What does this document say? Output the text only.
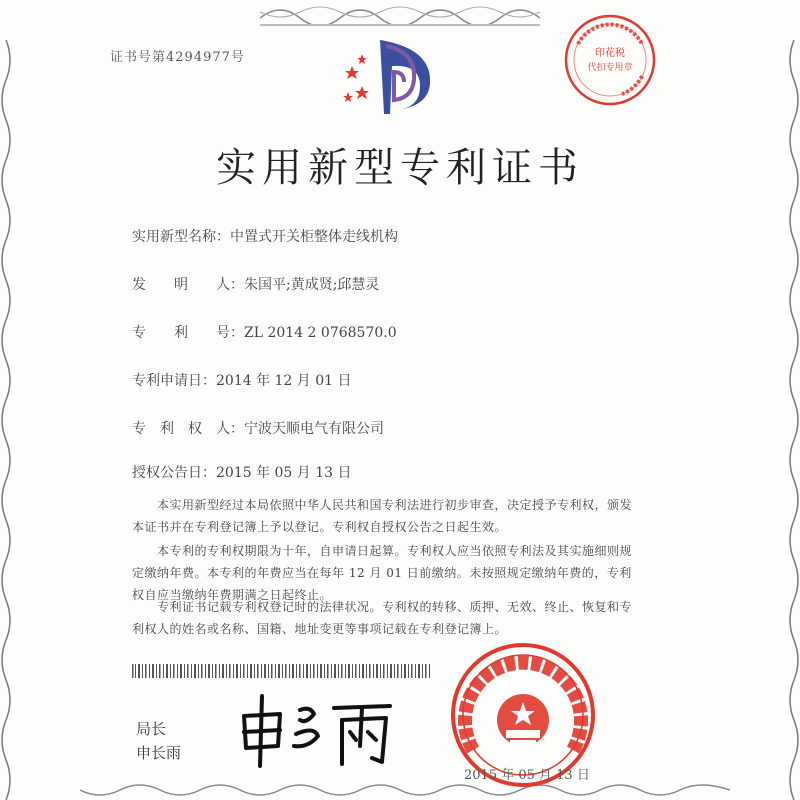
证书号第4294977号	印花税
代扣专用章
实用新型专利证书
实用新型名称：中置式开关柜整体走线机构
发　　明　　人：朱国平;黄成贤;邱慧灵
专　　利　　号：ZL 2014 2 0768570.0
专利申请日：2014 年 12 月 01 日
专　利　权　人：宁波天顺电气有限公司
授权公告日：2015 年 05 月 13 日
　　本实用新型经过本局依照中华人民共和国专利法进行初步审查，决定授予专利权，颁发本证书并在专利登记簿上予以登记。专利权自授权公告之日起生效。
　　本专利的专利权期限为十年，自申请日起算。专利权人应当依照专利法及其实施细则规定缴纳年费。本专利的年费应当在每年 12 月 01 日前缴纳。未按照规定缴纳年费的，专利权自应当缴纳年费期满之日起终止。
　　专利证书记载专利权登记时的法律状况。专利权的转移、质押、无效、终止、恢复和专利权人的姓名或名称、国籍、地址变更等事项记载在专利登记簿上。
局长
申长雨
2015 年 05 月 13 日
